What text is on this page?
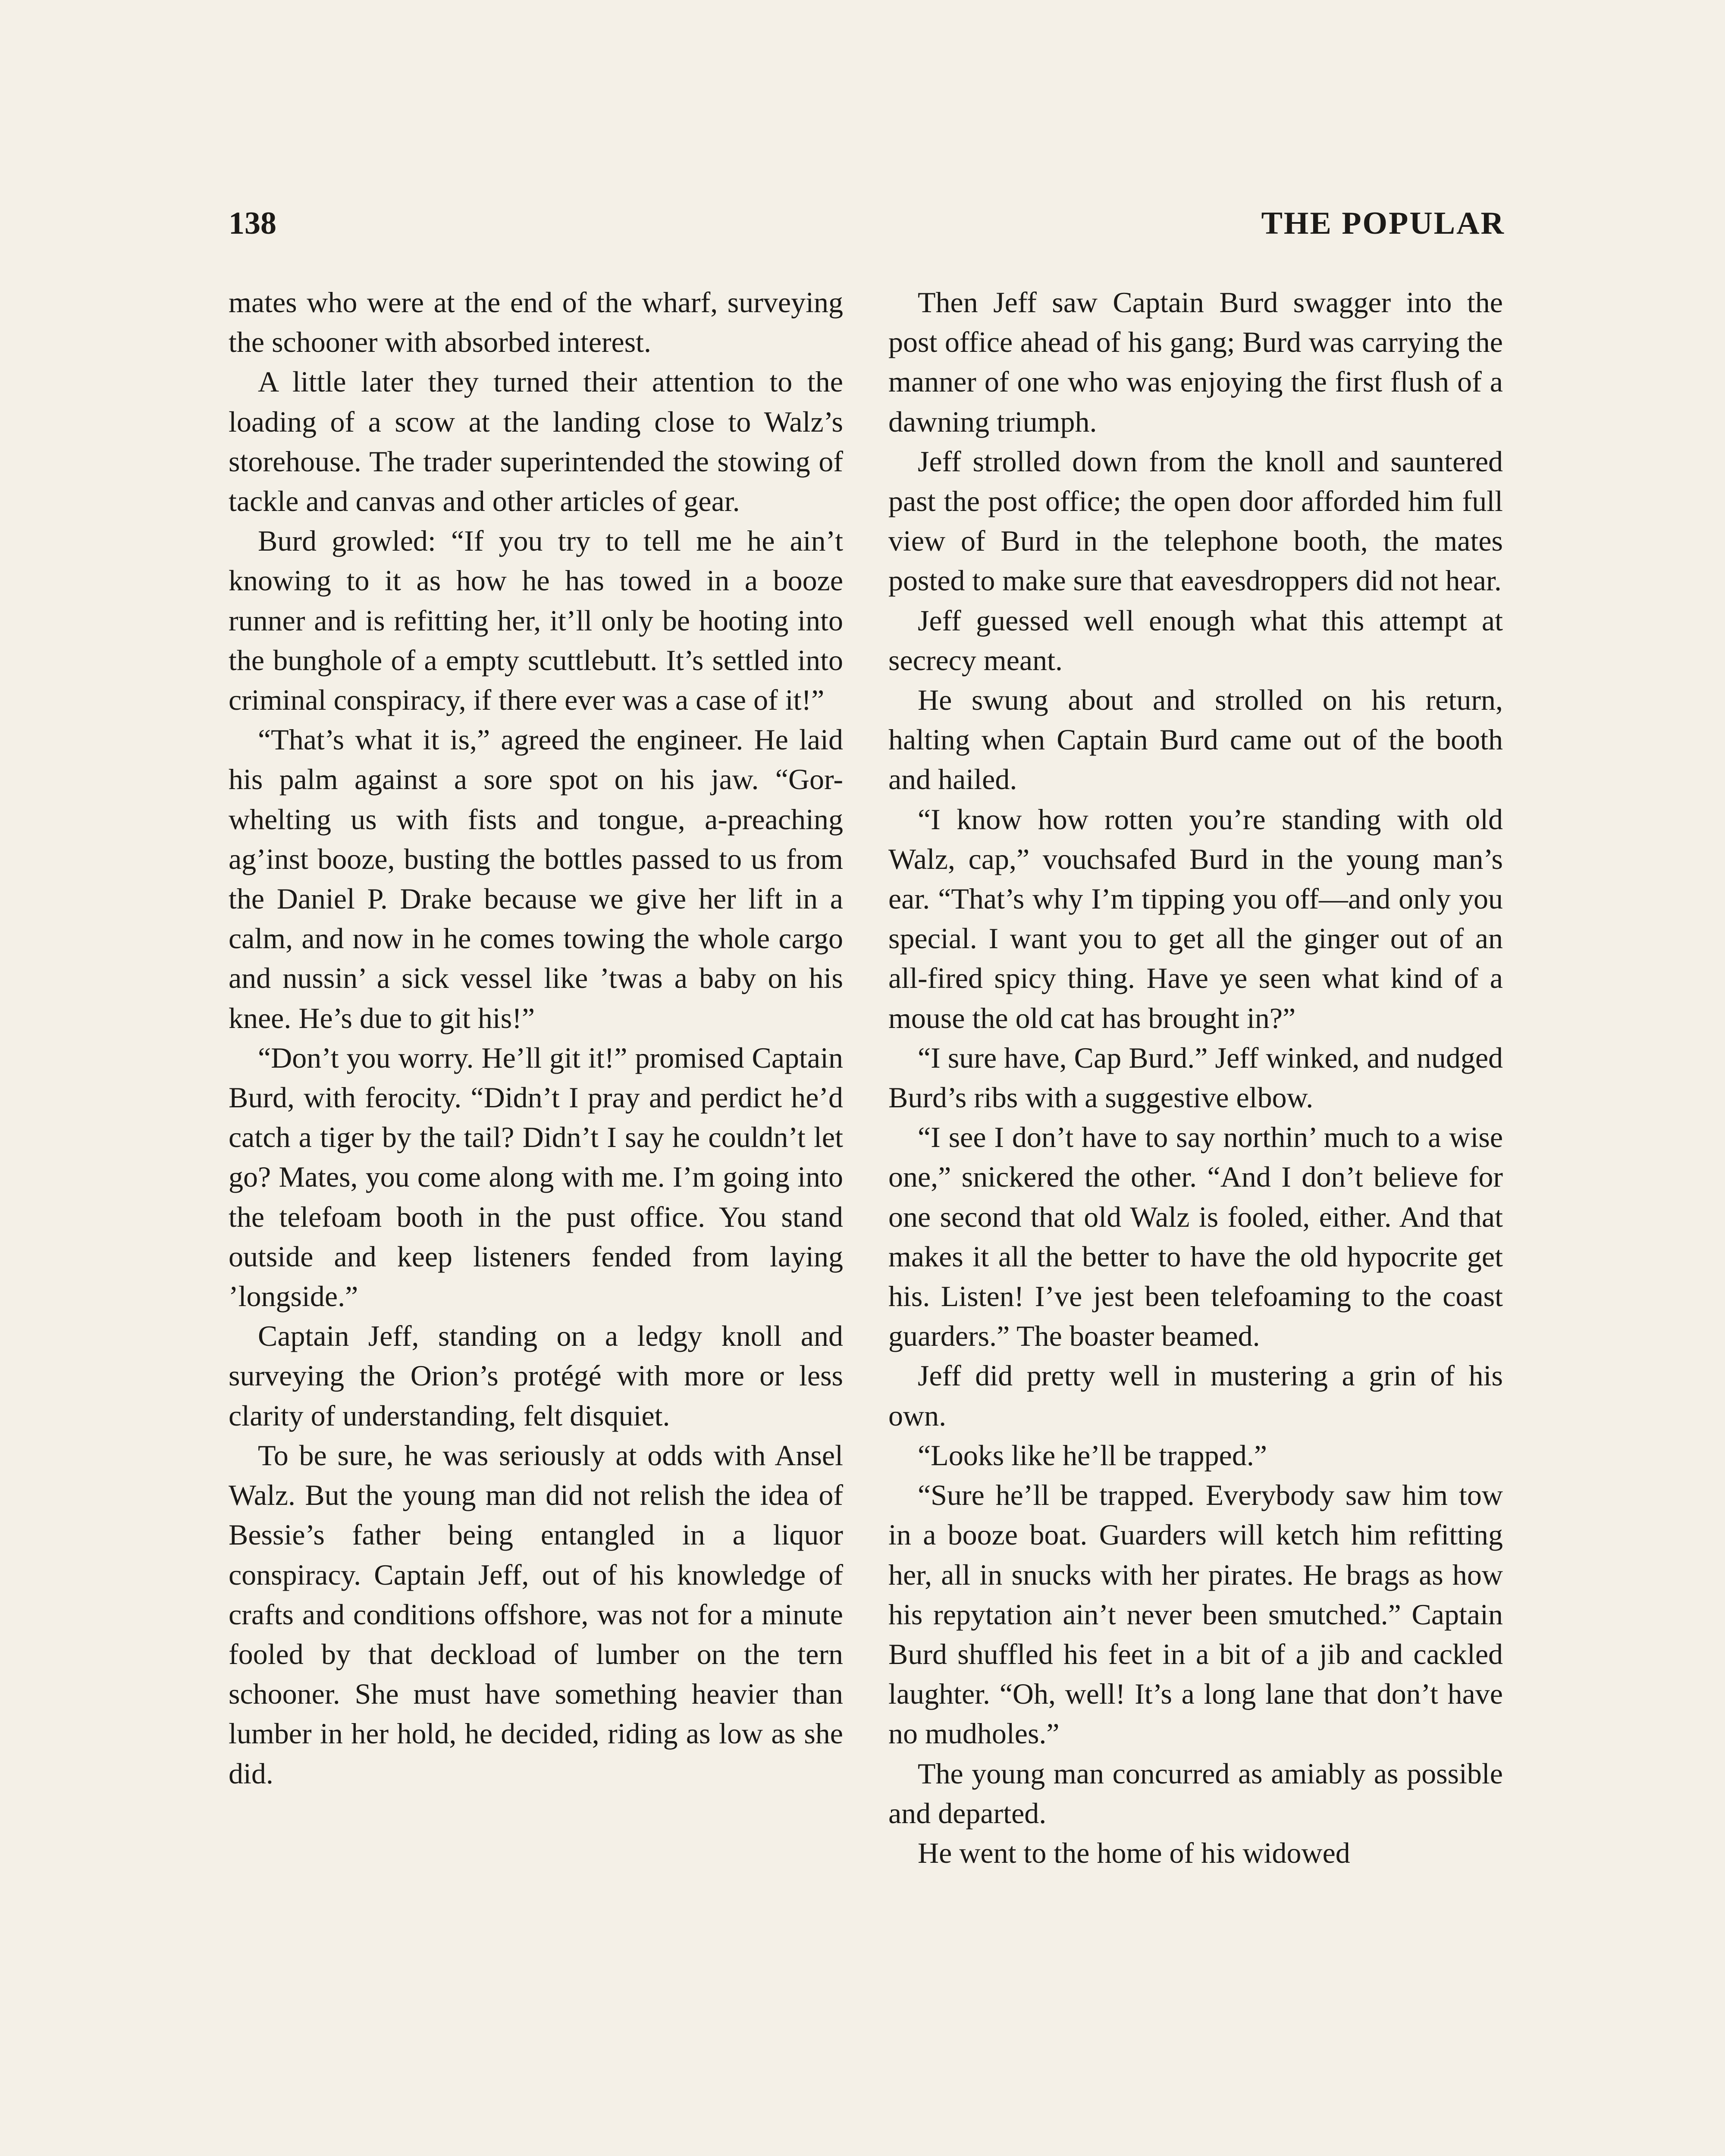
138	THE POPULAR

mates who were at the end of the wharf, surveying the schooner with absorbed interest.

A little later they turned their attention to the loading of a scow at the landing close to Walz’s storehouse. The trader superintended the stowing of tackle and canvas and other articles of gear.

Burd growled: “If you try to tell me he ain’t knowing to it as how he has towed in a booze runner and is refitting her, it’ll only be hooting into the bunghole of a empty scuttlebutt. It’s settled into criminal conspiracy, if there ever was a case of it!”

“That’s what it is,” agreed the engineer. He laid his palm against a sore spot on his jaw. “Gor-whelting us with fists and tongue, a-preaching ag’inst booze, busting the bottles passed to us from the Daniel P. Drake because we give her lift in a calm, and now in he comes towing the whole cargo and nussin’ a sick vessel like ’twas a baby on his knee. He’s due to git his!”

“Don’t you worry. He’ll git it!” promised Captain Burd, with ferocity. “Didn’t I pray and perdict he’d catch a tiger by the tail? Didn’t I say he couldn’t let go? Mates, you come along with me. I’m going into the telefoam booth in the pust office. You stand outside and keep listeners fended from laying ’longside.”

Captain Jeff, standing on a ledgy knoll and surveying the Orion’s protégé with more or less clarity of understanding, felt disquiet.

To be sure, he was seriously at odds with Ansel Walz. But the young man did not relish the idea of Bessie’s father being entangled in a liquor conspiracy. Captain Jeff, out of his knowledge of crafts and conditions offshore, was not for a minute fooled by that deckload of lumber on the tern schooner. She must have something heavier than lumber in her hold, he decided, riding as low as she did.

Then Jeff saw Captain Burd swagger into the post office ahead of his gang; Burd was carrying the manner of one who was enjoying the first flush of a dawning triumph.

Jeff strolled down from the knoll and sauntered past the post office; the open door afforded him full view of Burd in the telephone booth, the mates posted to make sure that eavesdroppers did not hear.

Jeff guessed well enough what this attempt at secrecy meant.

He swung about and strolled on his return, halting when Captain Burd came out of the booth and hailed.

“I know how rotten you’re standing with old Walz, cap,” vouchsafed Burd in the young man’s ear. “That’s why I’m tipping you off—and only you special. I want you to get all the ginger out of an all-fired spicy thing. Have ye seen what kind of a mouse the old cat has brought in?”

“I sure have, Cap Burd.” Jeff winked, and nudged Burd’s ribs with a suggestive elbow.

“I see I don’t have to say northin’ much to a wise one,” snickered the other. “And I don’t believe for one second that old Walz is fooled, either. And that makes it all the better to have the old hypocrite get his. Listen! I’ve jest been telefoaming to the coast guarders.” The boaster beamed.

Jeff did pretty well in mustering a grin of his own.

“Looks like he’ll be trapped.”

“Sure he’ll be trapped. Everybody saw him tow in a booze boat. Guarders will ketch him refitting her, all in snucks with her pirates. He brags as how his repytation ain’t never been smutched.” Captain Burd shuffled his feet in a bit of a jib and cackled laughter. “Oh, well! It’s a long lane that don’t have no mudholes.”

The young man concurred as amiably as possible and departed.

He went to the home of his widowed
